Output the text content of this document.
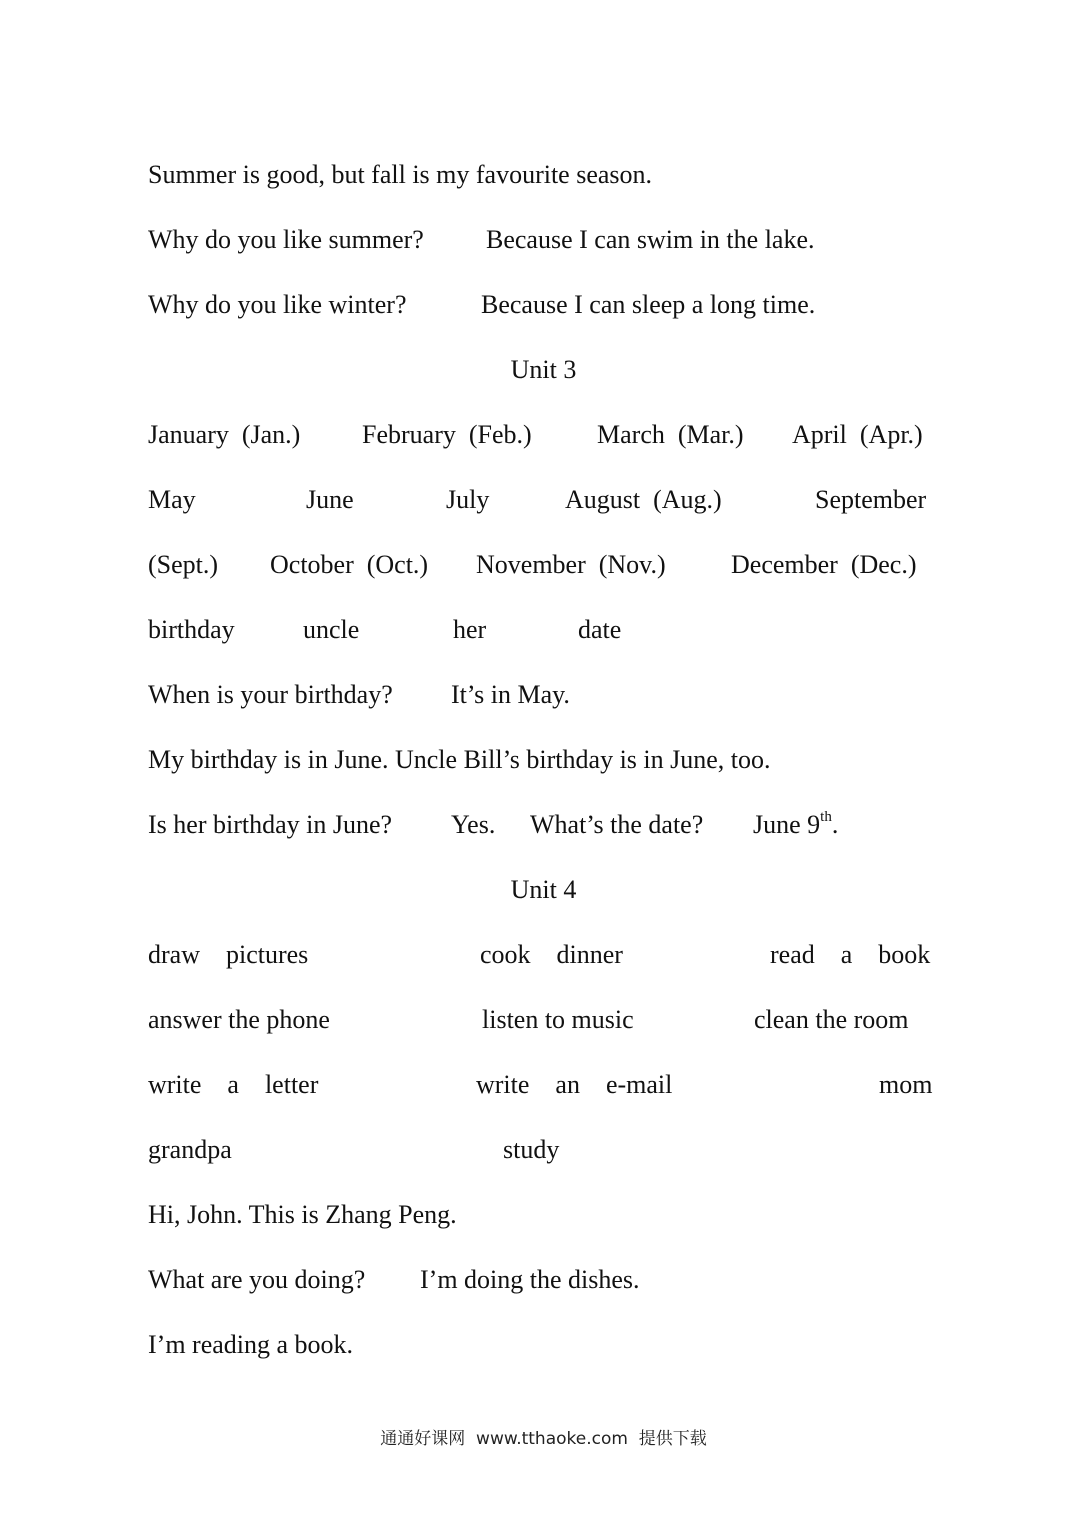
Summer is good, but fall is my favourite season.
Why do you like summer? Because I can swim in the lake.
Why do you like winter?	Because I can sleep a long time.
Unit 3
January  (Jan.) February  (Feb.)	March  (Mar.) April  (Apr.)
May	June	July	August  (Aug.)	September
(Sept.) October  (Oct.) November  (Nov.)	December  (Dec.)
birthday	uncle	her	date
When is your birthday? It’s in May.
My birthday is in June. Uncle Bill’s birthday is in June, too.
Is her birthday in June? Yes. What’s the date? June 9th.
Unit 4
draw    pictures	cook    dinner	read    a    book
answer the phone	listen to music	clean the room
write    a    letter	write    an    e-mail	mom
grandpa	study
Hi, John. This is Zhang Peng.
What are you doing? I’m doing the dishes.
I’m reading a book.
通通好课网  www.tthaoke.com  提供下载
